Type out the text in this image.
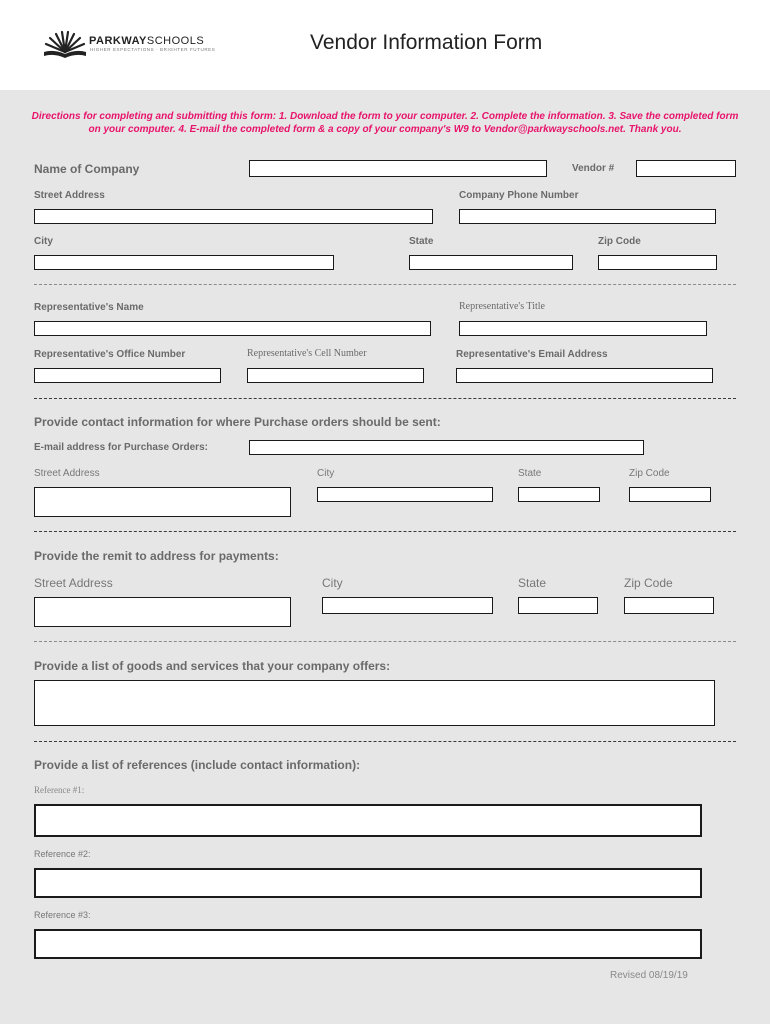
PARKWAYSCHOOLS
HIGHER EXPECTATIONS · BRIGHTER FUTURES	Vendor Information Form
Directions for completing and submitting this form: 1. Download the form to your computer. 2. Complete the information. 3. Save the completed form on your computer. 4. E-mail the completed form & a copy of your company's W9 to Vendor@parkwayschools.net. Thank you.
Name of Company	Vendor #
Street Address	Company Phone Number
City	State	Zip Code
Representative's Name	Representative's Title
Representative's Office Number	Representative's Cell Number	Representative's Email Address
Provide contact information for where Purchase orders should be sent:
E-mail address for Purchase Orders:
Street Address	City	State	Zip Code
Provide the remit to address for payments:
Street Address	City	State	Zip Code
Provide a list of goods and services that your company offers:
Provide a list of references (include contact information):
Reference #1:
Reference #2:
Reference #3:
Revised 08/19/19
